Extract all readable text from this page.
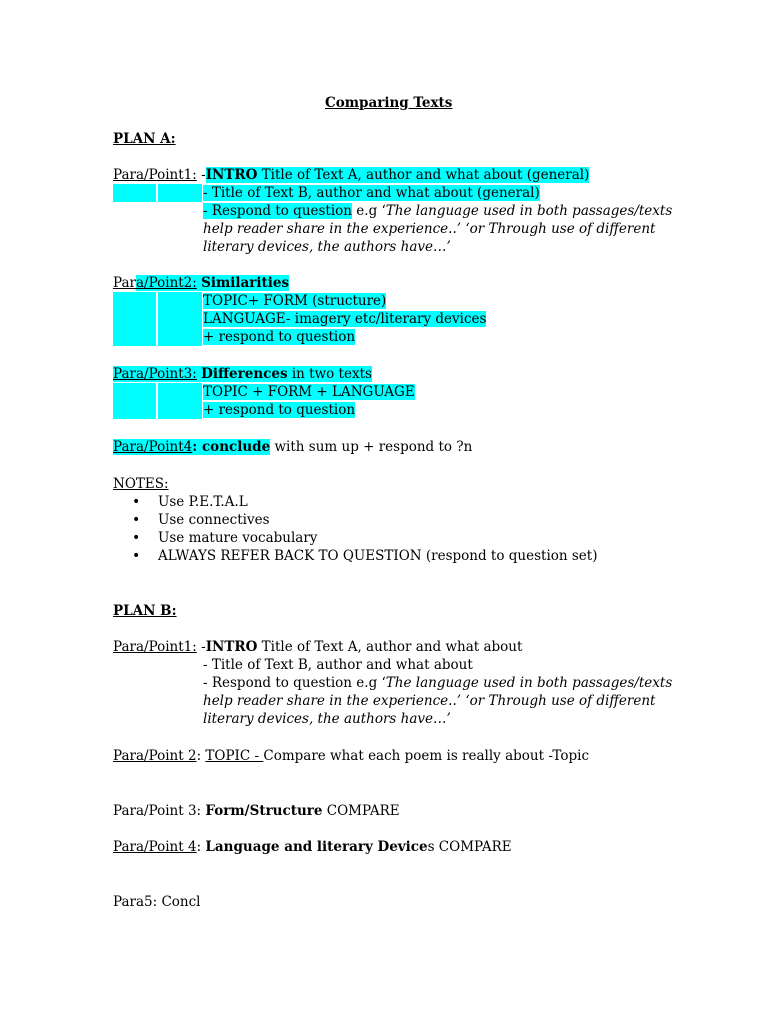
Comparing Texts
PLAN A:
Para/Point1: -INTRO Title of Text A, author and what about (general)
- Title of Text B, author and what about (general)
- Respond to question e.g ‘The language used in both passages/texts
help reader share in the experience..’ ‘or Through use of different
literary devices, the authors have…’
Para/Point2: Similarities
TOPIC+ FORM (structure)
LANGUAGE- imagery etc/literary devices
+ respond to question
Para/Point3: Differences in two texts
TOPIC + FORM + LANGUAGE
+ respond to question
Para/Point4: conclude with sum up + respond to ?n
NOTES:
• Use P.E.T.A.L
• Use connectives
• Use mature vocabulary
• ALWAYS REFER BACK TO QUESTION (respond to question set)
PLAN B:
Para/Point1: -INTRO Title of Text A, author and what about
- Title of Text B, author and what about
- Respond to question e.g ‘The language used in both passages/texts
help reader share in the experience..’ ‘or Through use of different
literary devices, the authors have…’
Para/Point 2: TOPIC - Compare what each poem is really about -Topic
Para/Point 3: Form/Structure COMPARE
Para/Point 4: Language and literary Devices COMPARE
Para5: Concl
